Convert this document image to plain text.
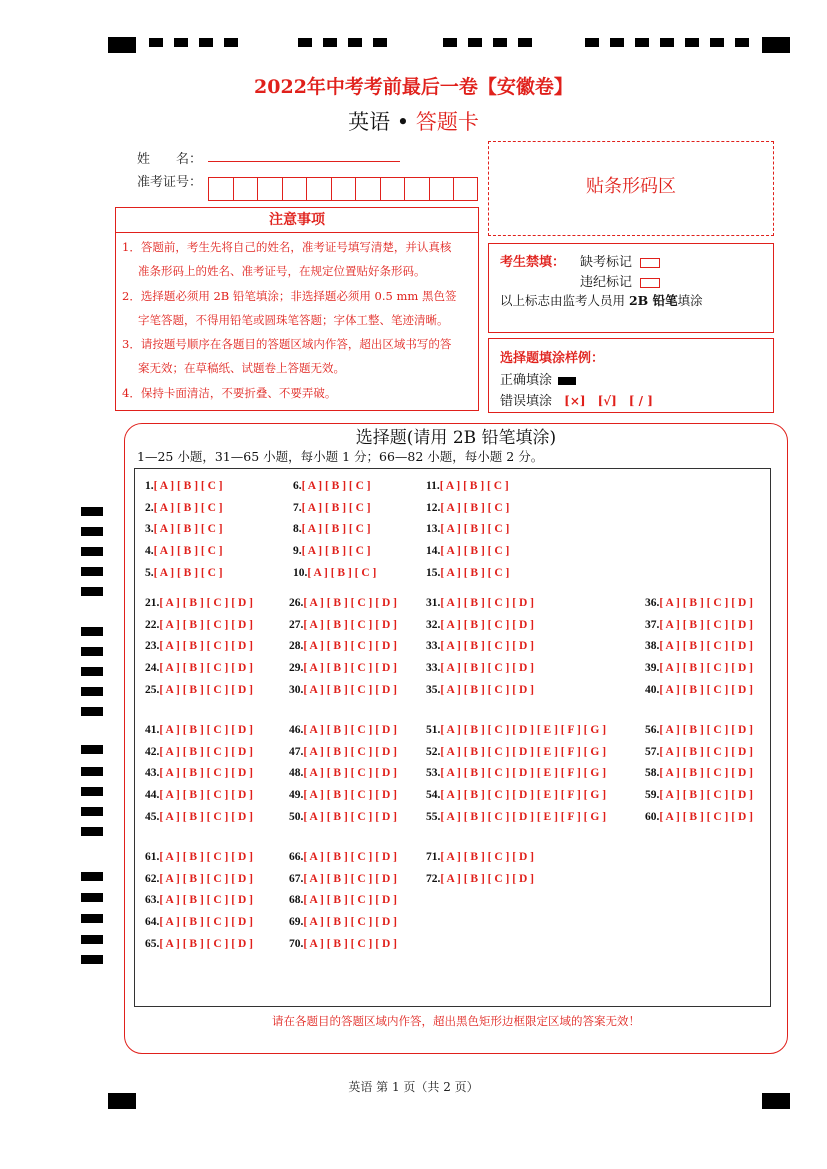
2022年中考考前最后一卷【安徽卷】
英语 • 答题卡
姓　　名：
准考证号：	贴条形码区
注意事项
1．答题前，考生先将自己的姓名，准考证号填写清楚，并认真核
准条形码上的姓名、准考证号，在规定位置贴好条形码。
2．选择题必须用 2B 铅笔填涂；非选择题必须用 0.5 mm 黑色签
字笔答题，不得用铅笔或圆珠笔答题；字体工整、笔迹清晰。
3．请按题号顺序在各题目的答题区域内作答，超出区域书写的答
案无效；在草稿纸、试题卷上答题无效。
4．保持卡面清洁，不要折叠、不要弄破。
考生禁填： 缺考标记
违纪标记
以上标志由监考人员用 2B 铅笔填涂
选择题填涂样例：
正确填涂
错误填涂 [×]　[√]　[ / ]
选择题(请用 2B 铅笔填涂)
1—25 小题，31—65 小题，每小题 1 分；66—82 小题，每小题 2 分。
请在各题目的答题区域内作答，超出黑色矩形边框限定区域的答案无效！
1.[ A ] [ B ] [ C ]	6.[ A ] [ B ] [ C ]	11.[ A ] [ B ] [ C ]
2.[ A ] [ B ] [ C ]	7.[ A ] [ B ] [ C ]	12.[ A ] [ B ] [ C ]
3.[ A ] [ B ] [ C ]	8.[ A ] [ B ] [ C ]	13.[ A ] [ B ] [ C ]
4.[ A ] [ B ] [ C ]	9.[ A ] [ B ] [ C ]	14.[ A ] [ B ] [ C ]
5.[ A ] [ B ] [ C ]	10.[ A ] [ B ] [ C ]	15.[ A ] [ B ] [ C ]
21.[ A ] [ B ] [ C ] [ D ]	26.[ A ] [ B ] [ C ] [ D ]	31.[ A ] [ B ] [ C ] [ D ]	36.[ A ] [ B ] [ C ] [ D ]
22.[ A ] [ B ] [ C ] [ D ]	27.[ A ] [ B ] [ C ] [ D ]	32.[ A ] [ B ] [ C ] [ D ]	37.[ A ] [ B ] [ C ] [ D ]
23.[ A ] [ B ] [ C ] [ D ]	28.[ A ] [ B ] [ C ] [ D ]	33.[ A ] [ B ] [ C ] [ D ]	38.[ A ] [ B ] [ C ] [ D ]
24.[ A ] [ B ] [ C ] [ D ]	29.[ A ] [ B ] [ C ] [ D ]	33.[ A ] [ B ] [ C ] [ D ]	39.[ A ] [ B ] [ C ] [ D ]
25.[ A ] [ B ] [ C ] [ D ]	30.[ A ] [ B ] [ C ] [ D ]	35.[ A ] [ B ] [ C ] [ D ]	40.[ A ] [ B ] [ C ] [ D ]
41.[ A ] [ B ] [ C ] [ D ]	46.[ A ] [ B ] [ C ] [ D ]	51.[ A ] [ B ] [ C ] [ D ] [ E ] [ F ] [ G ]	56.[ A ] [ B ] [ C ] [ D ]
42.[ A ] [ B ] [ C ] [ D ]	47.[ A ] [ B ] [ C ] [ D ]	52.[ A ] [ B ] [ C ] [ D ] [ E ] [ F ] [ G ]	57.[ A ] [ B ] [ C ] [ D ]
43.[ A ] [ B ] [ C ] [ D ]	48.[ A ] [ B ] [ C ] [ D ]	53.[ A ] [ B ] [ C ] [ D ] [ E ] [ F ] [ G ]	58.[ A ] [ B ] [ C ] [ D ]
44.[ A ] [ B ] [ C ] [ D ]	49.[ A ] [ B ] [ C ] [ D ]	54.[ A ] [ B ] [ C ] [ D ] [ E ] [ F ] [ G ]	59.[ A ] [ B ] [ C ] [ D ]
45.[ A ] [ B ] [ C ] [ D ]	50.[ A ] [ B ] [ C ] [ D ]	55.[ A ] [ B ] [ C ] [ D ] [ E ] [ F ] [ G ]	60.[ A ] [ B ] [ C ] [ D ]
61.[ A ] [ B ] [ C ] [ D ]	66.[ A ] [ B ] [ C ] [ D ]	71.[ A ] [ B ] [ C ] [ D ]
62.[ A ] [ B ] [ C ] [ D ]	67.[ A ] [ B ] [ C ] [ D ]	72.[ A ] [ B ] [ C ] [ D ]
63.[ A ] [ B ] [ C ] [ D ]	68.[ A ] [ B ] [ C ] [ D ]
64.[ A ] [ B ] [ C ] [ D ]	69.[ A ] [ B ] [ C ] [ D ]
65.[ A ] [ B ] [ C ] [ D ]	70.[ A ] [ B ] [ C ] [ D ]
英语 第 1 页（共 2 页）
